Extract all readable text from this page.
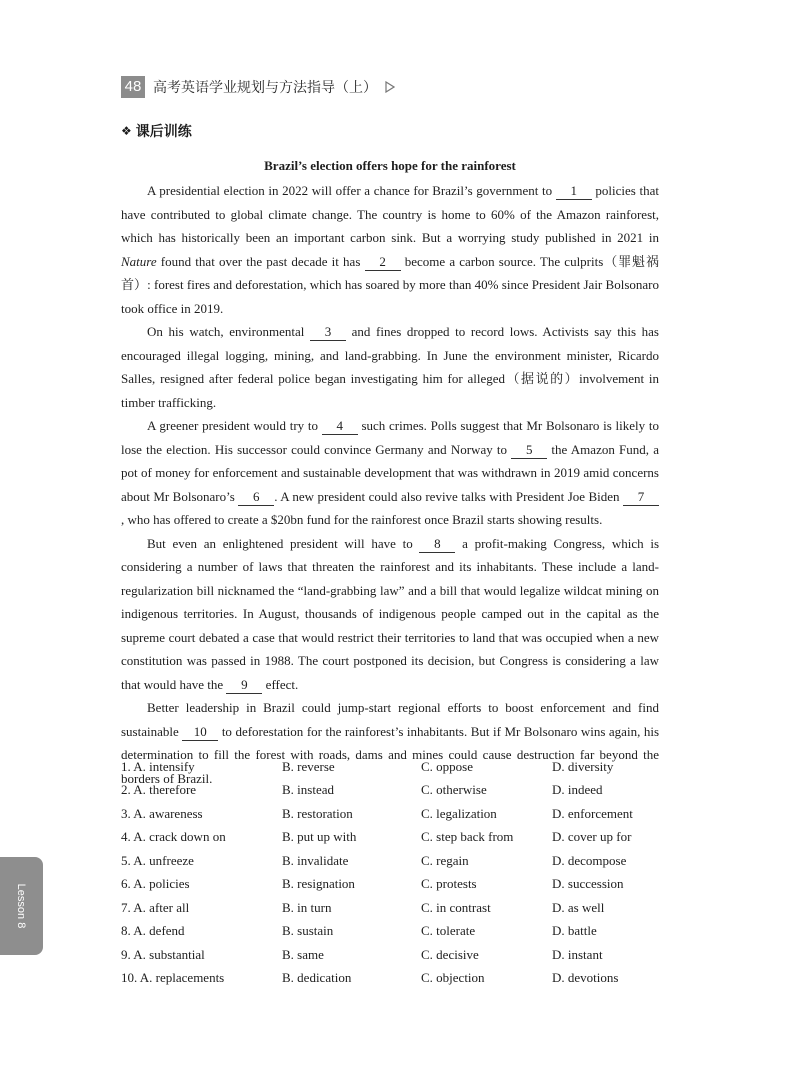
48 高考英语学业规划与方法指导（上）
❖ 课后训练
Brazil’s election offers hope for the rainforest

A presidential election in 2022 will offer a chance for Brazil’s government to 1 policies that have contributed to global climate change. The country is home to 60% of the Amazon rainforest, which has historically been an important carbon sink. But a worrying study published in 2021 in Nature found that over the past decade it has 2 become a carbon source. The culprits（罪魁祸首）: forest fires and deforestation, which has soared by more than 40% since President Jair Bolsonaro took office in 2019.

On his watch, environmental 3 and fines dropped to record lows. Activists say this has encouraged illegal logging, mining, and land-grabbing. In June the environment minister, Ricardo Salles, resigned after federal police began investigating him for alleged（据说的）involvement in timber trafficking.

A greener president would try to 4 such crimes. Polls suggest that Mr Bolsonaro is likely to lose the election. His successor could convince Germany and Norway to 5 the Amazon Fund, a pot of money for enforcement and sustainable development that was withdrawn in 2019 amid concerns about Mr Bolsonaro’s 6 . A new president could also revive talks with President Joe Biden 7, who has offered to create a $20bn fund for the rainforest once Brazil starts showing results.

But even an enlightened president will have to 8 a profit-making Congress, which is considering a number of laws that threaten the rainforest and its inhabitants. These include a land-regularization bill nicknamed the “land-grabbing law” and a bill that would legalize wildcat mining on indigenous territories. In August, thousands of indigenous people camped out in the capital as the supreme court debated a case that would restrict their territories to land that was occupied when a new constitution was passed in 1988. The court postponed its decision, but Congress is considering a law that would have the 9 effect.

Better leadership in Brazil could jump-start regional efforts to boost enforcement and find sustainable 10 to deforestation for the rainforest’s inhabitants. But if Mr Bolsonaro wins again, his determination to fill the forest with roads, dams and mines could cause destruction far beyond the borders of Brazil.

1. A. intensify	B. reverse	C. oppose	D. diversity
2. A. therefore	B. instead	C. otherwise	D. indeed
3. A. awareness	B. restoration	C. legalization	D. enforcement
4. A. crack down on	B. put up with	C. step back from	D. cover up for
5. A. unfreeze	B. invalidate	C. regain	D. decompose
6. A. policies	B. resignation	C. protests	D. succession
7. A. after all	B. in turn	C. in contrast	D. as well
8. A. defend	B. sustain	C. tolerate	D. battle
9. A. substantial	B. same	C. decisive	D. instant
10. A. replacements	B. dedication	C. objection	D. devotions
Lesson 8
